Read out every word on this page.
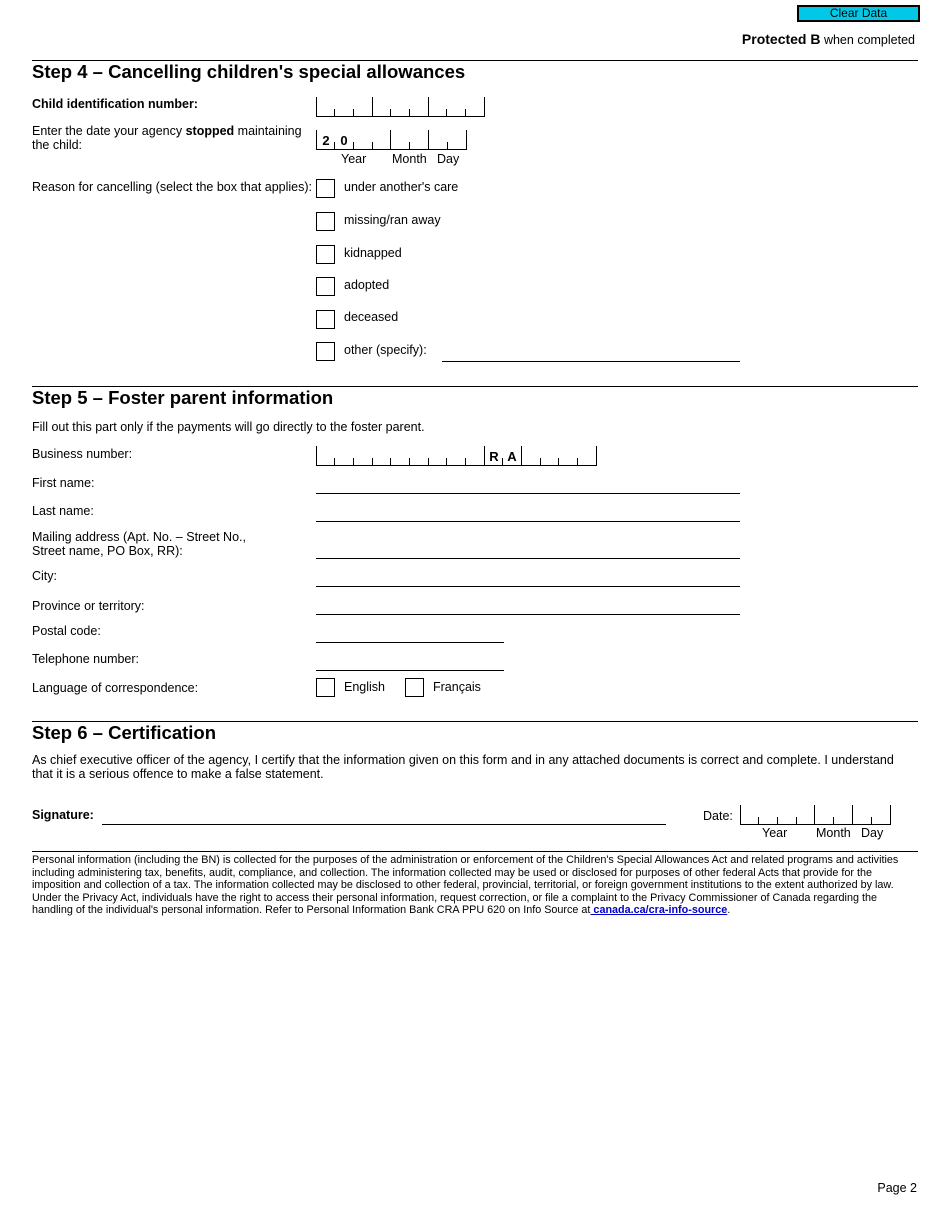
Clear Data
Protected B when completed
Step 4 – Cancelling children's special allowances
Child identification number:
Enter the date your agency stopped maintaining the child:	2 0
Year Month Day
Reason for cancelling (select the box that applies):	under another's care
missing/ran away
kidnapped
adopted
deceased
other (specify):
Step 5 – Foster parent information
Fill out this part only if the payments will go directly to the foster parent.
Business number:	R A
First name:
Last name:
Mailing address (Apt. No. – Street No.,
Street name, PO Box, RR):
City:
Province or territory:
Postal code:
Telephone number:
Language of correspondence:	English	Français
Step 6 – Certification
As chief executive officer of the agency, I certify that the information given on this form and in any attached documents is correct and complete. I understand that it is a serious offence to make a false statement.
Signature:	Date:
Year Month Day
Personal information (including the BN) is collected for the purposes of the administration or enforcement of the Children's Special Allowances Act and related programs and activities including administering tax, benefits, audit, compliance, and collection. The information collected may be used or disclosed for purposes of other federal Acts that provide for the imposition and collection of a tax. The information collected may be disclosed to other federal, provincial, territorial, or foreign government institutions to the extent authorized by law. Under the Privacy Act, individuals have the right to access their personal information, request correction, or file a complaint to the Privacy Commissioner of Canada regarding the handling of the individual's personal information. Refer to Personal Information Bank CRA PPU 620 on Info Source at canada.ca/cra-info-source.
Page 2
